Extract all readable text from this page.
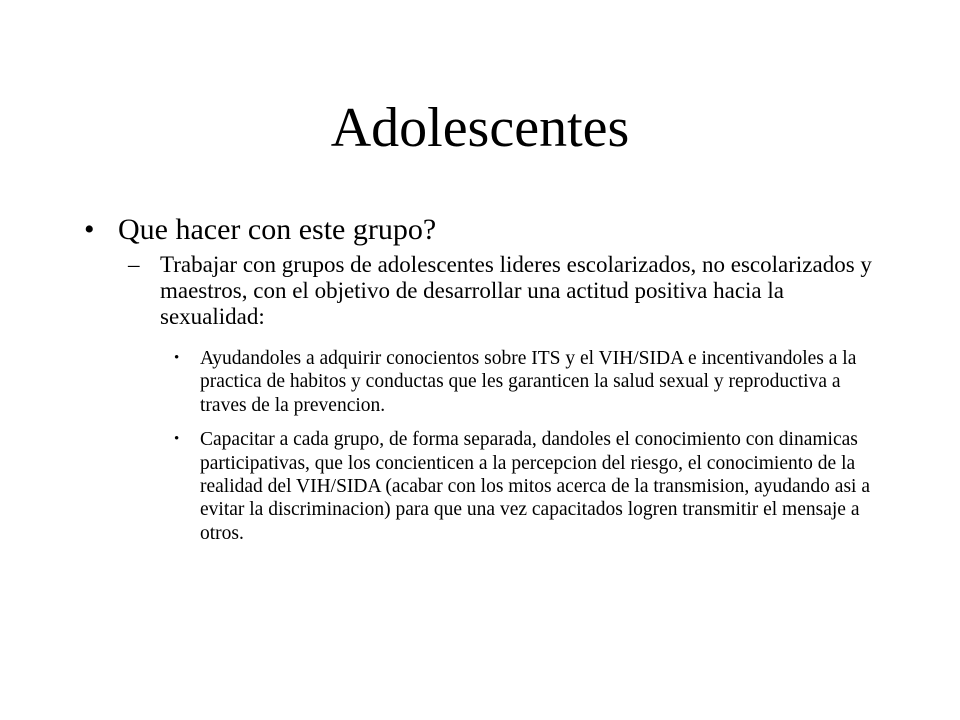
Adolescentes
• Que hacer con este grupo?
– Trabajar con grupos de adolescentes lideres escolarizados, no escolarizados y maestros, con el objetivo de desarrollar una actitud positiva hacia la sexualidad:
•	Ayudandoles a adquirir conocientos sobre ITS y el VIH/SIDA e incentivandoles a la practica de habitos y conductas que les garanticen la salud sexual y reproductiva a traves de la prevencion.
•	Capacitar a cada grupo, de forma separada, dandoles el conocimiento con dinamicas participativas, que los concienticen a la percepcion del riesgo, el conocimiento de la realidad del VIH/SIDA (acabar con los mitos acerca de la transmision, ayudando asi a evitar la discriminacion) para que una vez capacitados logren transmitir el mensaje a otros.
